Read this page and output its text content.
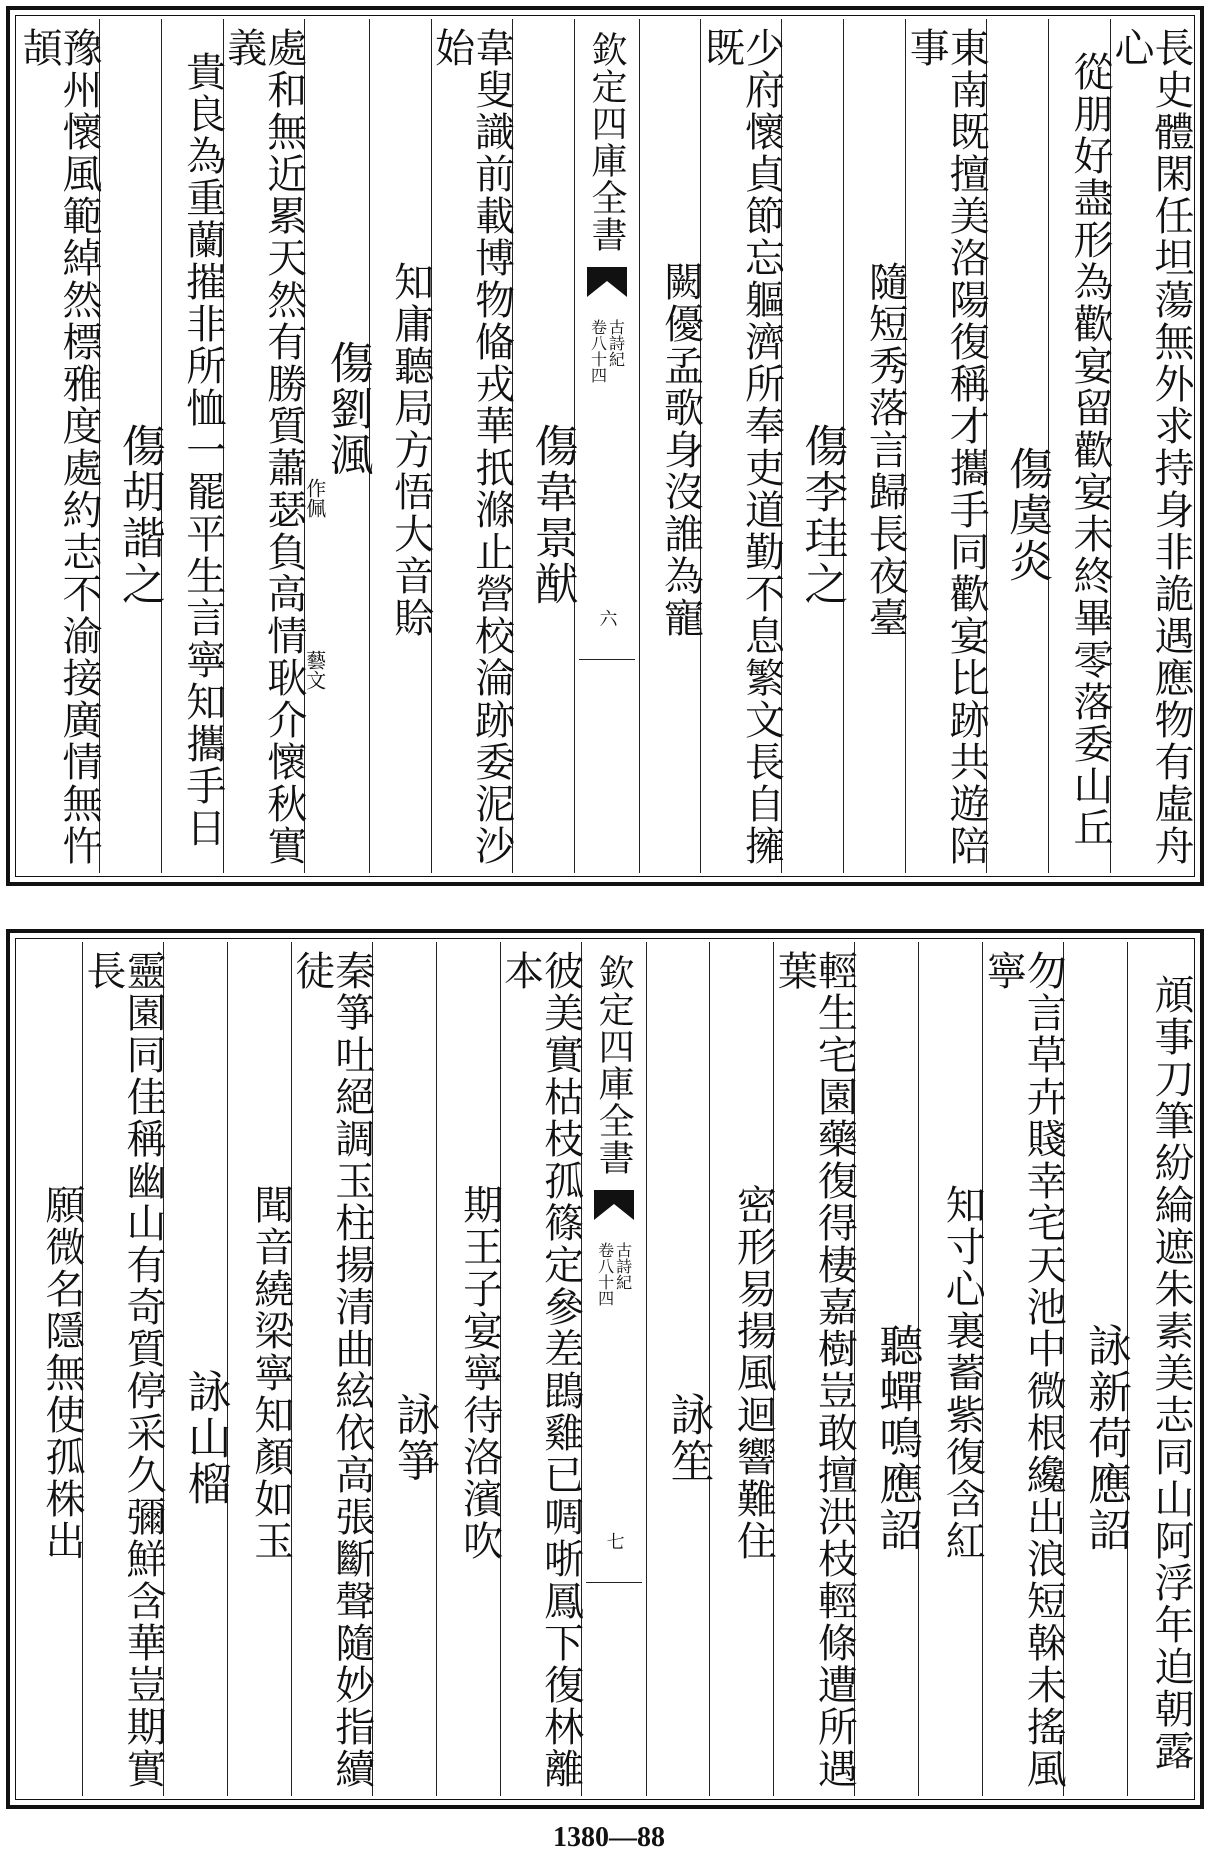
長史體閑任坦蕩無外求持身非詭遇應物有虛舟心
從朋好盡形為歡宴留歡宴未終畢零落委山丘
傷虞炎
東南既擅美洛陽復稱才攜手同歡宴比跡共遊陪事
隨短秀落言歸長夜臺
傷李珪之
少府懷貞節忘軀濟所奉吏道勤不息繁文長自擁既
闕優孟歌身沒誰為寵
欽定四庫全書
古詩紀
卷八十四
六
傷韋景猷
韋叟識前載博物偹戎華扺滌止營校淪跡委泥沙始
知庸聽局方悟大音賒
傷劉渢
藝文
作佩
處和無近累天然有勝質蕭瑟負高情耿介懷秋實義
貴良為重蘭摧非所恤一罷平生言寧知攜手日
傷胡諧之
豫州懷風範綽然標雅度處約志不渝接廣情無忤頡
頏事刀筆紛綸遮朱素美志同山阿浮年迫朝露
詠新荷應詔
勿言草卉賤幸宅天池中微根纔出浪短榦未搖風寧
知寸心裏蓄紫復含紅
聽蟬鳴應詔
輕生宅園藥復得棲嘉樹豈敢擅洪枝輕條遭所遇葉
密形易揚風迴響難住
詠笙
欽定四庫全書
古詩紀
卷八十四
七
彼美實枯枝孤篠定參差鵾雞已啁哳鳳下復林離本
期王子宴寧待洛濱吹
詠箏
秦箏吐絕調玉柱揚清曲絃依高張斷聲隨妙指續徒
聞音繞梁寧知顏如玉
詠山榴
靈園同佳稱幽山有奇質停采久彌鮮含華豈期實長
願微名隱無使孤株出
1380—88
